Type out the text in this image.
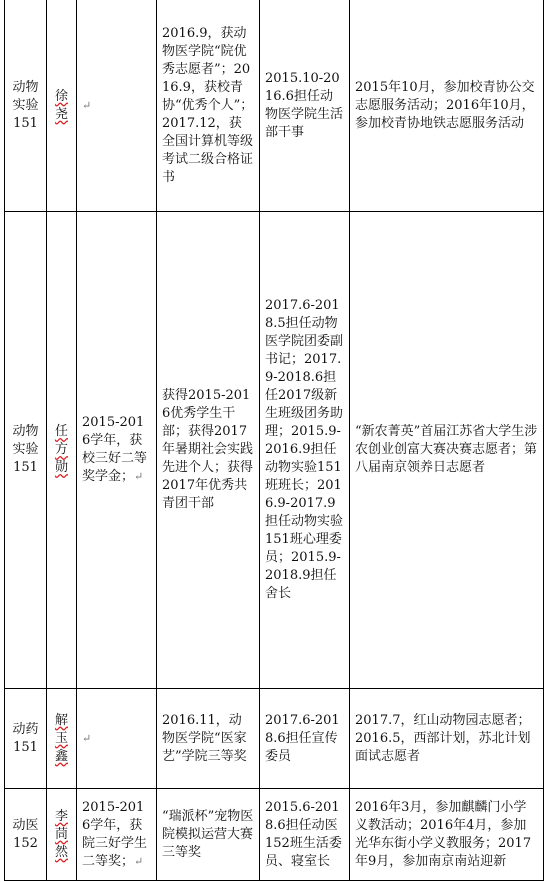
动物实验151	徐尧	↵	2016.9，获动物医学院“院优秀志愿者”；2016.9，获校青协“优秀个人”；2017.12，获全国计算机等级考试二级合格证书	2015.10-2016.6担任动物医学院生活部干事	2015年10月，参加校青协公交志愿服务活动；2016年10月，参加校青协地铁志愿服务活动
动物实验151	任方勋	2015-2016学年，获校三好二等奖学金；↵	获得2015-2016优秀学生干部；获得2017年暑期社会实践先进个人；获得2017年优秀共青团干部	2017.6-2018.5担任动物医学院团委副书记；2017.9-2018.6担任2017级新生班级团务助理；2015.9-2016.9担任动物实验151班班长；2016.9-2017.9担任动物实验151班心理委员；2015.9-2018.9担任舍长	“新农菁英”首届江苏省大学生涉农创业创富大赛决赛志愿者；第八届南京领养日志愿者
动药151	解玉鑫	↵	2016.11，动物医学院“医家艺”学院三等奖	2017.6-2018.6担任宣传委员	2017.7，红山动物园志愿者；2016.5，西部计划，苏北计划面试志愿者
动医152	李茼然	2015-2016学年，获院三好学生二等奖；↵	“瑞派杯”宠物医院模拟运营大赛三等奖	2015.6-2018.6担任动医152班生活委员、寝室长	2016年3月，参加麒麟门小学义教活动；2016年4月，参加光华东街小学义教服务；2017年9月，参加南京南站迎新
